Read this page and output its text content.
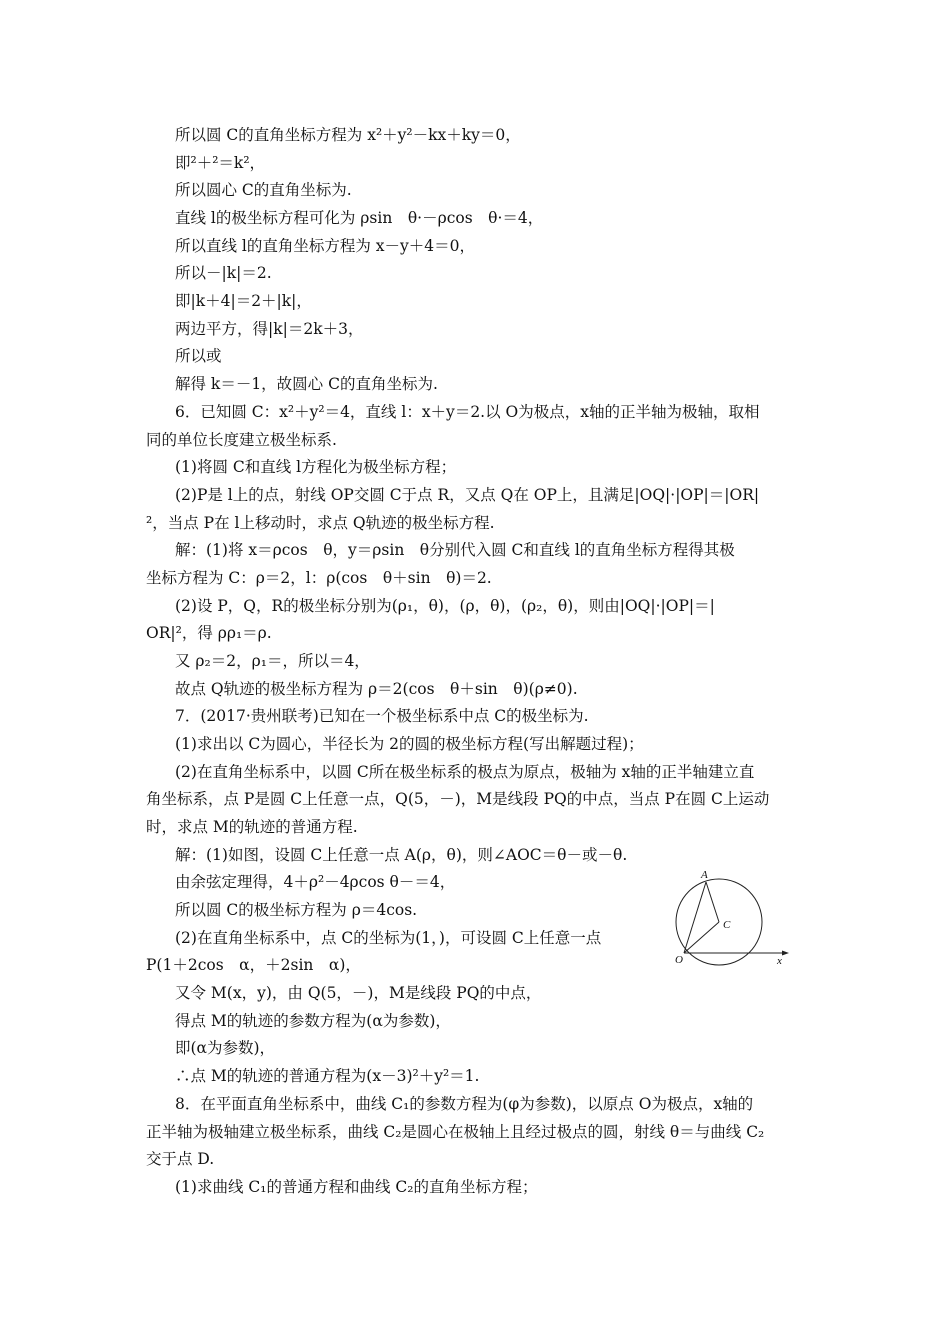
所以圆 C的直角坐标方程为 x²＋y²－kx＋ky＝0，
即²＋²＝k²，
所以圆心 C的直角坐标为.
直线 l的极坐标方程可化为 ρsin　θ·－ρcos　θ·＝4，
所以直线 l的直角坐标方程为 x－y＋4＝0，
所以－|k|＝2.
即|k＋4|＝2＋|k|，
两边平方，得|k|＝2k＋3，
所以或
解得 k＝－1，故圆心 C的直角坐标为.
6．已知圆 C：x²＋y²＝4，直线 l：x＋y＝2.以 O为极点，x轴的正半轴为极轴，取相
同的单位长度建立极坐标系.
(1)将圆 C和直线 l方程化为极坐标方程；
(2)P是 l上的点，射线 OP交圆 C于点 R，又点 Q在 OP上，且满足|OQ|·|OP|＝|OR|
²，当点 P在 l上移动时，求点 Q轨迹的极坐标方程.
解：(1)将 x＝ρcos　θ，y＝ρsin　θ分别代入圆 C和直线 l的直角坐标方程得其极
坐标方程为 C：ρ＝2，l：ρ(cos　θ＋sin　θ)＝2.
(2)设 P，Q，R的极坐标分别为(ρ₁，θ)，(ρ，θ)，(ρ₂，θ)，则由|OQ|·|OP|＝|
OR|²，得 ρρ₁＝ρ.
又 ρ₂＝2，ρ₁＝，所以＝4，
故点 Q轨迹的极坐标方程为 ρ＝2(cos　θ＋sin　θ)(ρ≠0).
7．(2017·贵州联考)已知在一个极坐标系中点 C的极坐标为.
(1)求出以 C为圆心，半径长为 2的圆的极坐标方程(写出解题过程)；
(2)在直角坐标系中，以圆 C所在极坐标系的极点为原点，极轴为 x轴的正半轴建立直
角坐标系，点 P是圆 C上任意一点，Q(5，－)，M是线段 PQ的中点，当点 P在圆 C上运动
时，求点 M的轨迹的普通方程.
解：(1)如图，设圆 C上任意一点 A(ρ，θ)，则∠AOC＝θ－或－θ.
由余弦定理得，4＋ρ²－4ρcos θ－＝4，
所以圆 C的极坐标方程为 ρ＝4cos.
(2)在直角坐标系中，点 C的坐标为(1，)，可设圆 C上任意一点
P(1＋2cos　α，＋2sin　α)，
又令 M(x，y)，由 Q(5，－)，M是线段 PQ的中点，
得点 M的轨迹的参数方程为(α为参数)，
即(α为参数)，
∴点 M的轨迹的普通方程为(x－3)²＋y²＝1.
8．在平面直角坐标系中，曲线 C₁的参数方程为(φ为参数)，以原点 O为极点，x轴的
正半轴为极轴建立极坐标系，曲线 C₂是圆心在极轴上且经过极点的圆，射线 θ＝与曲线 C₂
交于点 D.
(1)求曲线 C₁的普通方程和曲线 C₂的直角坐标方程；
A
C
O	x
